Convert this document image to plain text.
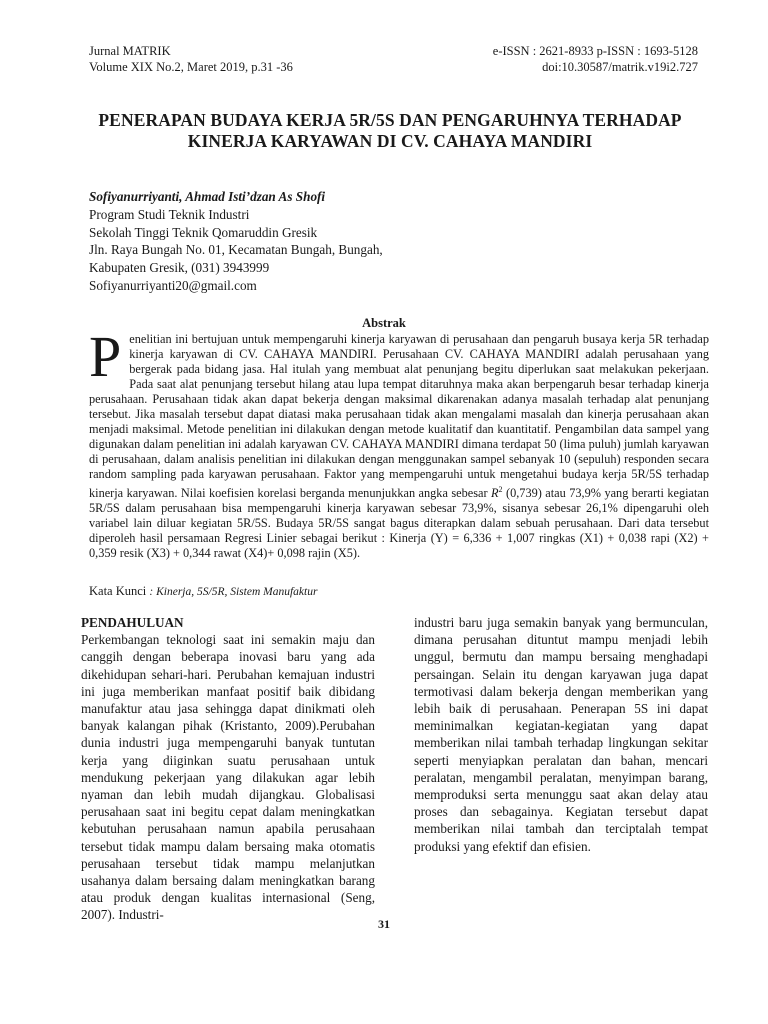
Jurnal MATRIK
Volume XIX No.2, Maret 2019, p.31 -36
e-ISSN : 2621-8933 p-ISSN : 1693-5128
doi:10.30587/matrik.v19i2.727
PENERAPAN BUDAYA KERJA 5R/5S DAN PENGARUHNYA TERHADAP
KINERJA KARYAWAN DI CV. CAHAYA MANDIRI
Sofiyanurriyanti, Ahmad Isti’dzan As Shofi
Program Studi Teknik Industri
Sekolah Tinggi Teknik Qomaruddin Gresik
Jln. Raya Bungah No. 01, Kecamatan Bungah, Bungah,
Kabupaten Gresik, (031) 3943999
Sofiyanurriyanti20@gmail.com
Abstrak
Penelitian ini bertujuan untuk mempengaruhi kinerja karyawan di perusahaan dan pengaruh busaya kerja 5R terhadap kinerja karyawan di CV. CAHAYA MANDIRI. Perusahaan CV. CAHAYA MANDIRI adalah perusahaan yang bergerak pada bidang jasa. Hal itulah yang membuat alat penunjang begitu diperlukan saat melakukan pekerjaan. Pada saat alat penunjang tersebut hilang atau lupa tempat ditaruhnya maka akan berpengaruh besar terhadap kinerja perusahaan. Perusahaan tidak akan dapat bekerja dengan maksimal dikarenakan adanya masalah terhadap alat penunjang tersebut. Jika masalah tersebut dapat diatasi maka perusahaan tidak akan mengalami masalah dan kinerja perusahaan akan menjadi maksimal. Metode penelitian ini dilakukan dengan metode kualitatif dan kuantitatif. Pengambilan data sampel yang digunakan dalam penelitian ini adalah karyawan CV. CAHAYA MANDIRI dimana terdapat 50 (lima puluh) jumlah karyawan di perusahaan, dalam analisis penelitian ini dilakukan dengan menggunakan sampel sebanyak 10 (sepuluh) responden secara random sampling pada karyawan perusahaan. Faktor yang mempengaruhi untuk mengetahui budaya kerja 5R/5S terhadap kinerja karyawan. Nilai koefisien korelasi berganda menunjukkan angka sebesar $R^2$ (0,739) atau 73,9% yang berarti kegiatan 5R/5S dalam perusahaan bisa mempengaruhi kinerja karyawan sebesar 73,9%, sisanya sebesar 26,1% dipengaruhi oleh variabel lain diluar kegiatan 5R/5S. Budaya 5R/5S sangat bagus diterapkan dalam sebuah perusahaan. Dari data tersebut diperoleh hasil persamaan Regresi Linier sebagai berikut : Kinerja (Y) = 6,336 + 1,007 ringkas (X1) + 0,038 rapi (X2) + 0,359 resik (X3) + 0,344 rawat (X4)+ 0,098 rajin (X5).
Kata Kunci : Kinerja, 5S/5R, Sistem Manufaktur
PENDAHULUAN
Perkembangan teknologi saat ini semakin maju dan canggih dengan beberapa inovasi baru yang ada dikehidupan sehari-hari. Perubahan kemajuan industri ini juga memberikan manfaat positif baik dibidang manufaktur atau jasa sehingga dapat dinikmati oleh banyak kalangan pihak (Kristanto, 2009).Perubahan dunia industri juga mempengaruhi banyak tuntutan kerja yang diiginkan suatu perusahaan untuk mendukung pekerjaan yang dilakukan agar lebih nyaman dan lebih mudah dijangkau. Globalisasi perusahaan saat ini begitu cepat dalam meningkatkan kebutuhan perusahaan namun apabila perusahaan tersebut tidak mampu dalam bersaing maka otomatis perusahaan tersebut tidak mampu melanjutkan usahanya dalam bersaing dalam meningkatkan barang atau produk dengan kualitas internasional (Seng, 2007). Industri-
industri baru juga semakin banyak yang bermunculan, dimana perusahan dituntut mampu menjadi lebih unggul, bermutu dan mampu bersaing menghadapi persaingan. Selain itu dengan karyawan juga dapat termotivasi dalam bekerja dengan memberikan yang lebih baik di perusahaan. Penerapan 5S ini dapat meminimalkan kegiatan-kegiatan yang dapat memberikan nilai tambah terhadap lingkungan sekitar seperti menyiapkan peralatan dan bahan, mencari peralatan, mengambil peralatan, menyimpan barang, memproduksi serta menunggu saat akan delay atau proses dan sebagainya. Kegiatan tersebut dapat memberikan nilai tambah dan terciptalah tempat produksi yang efektif dan efisien.
31
